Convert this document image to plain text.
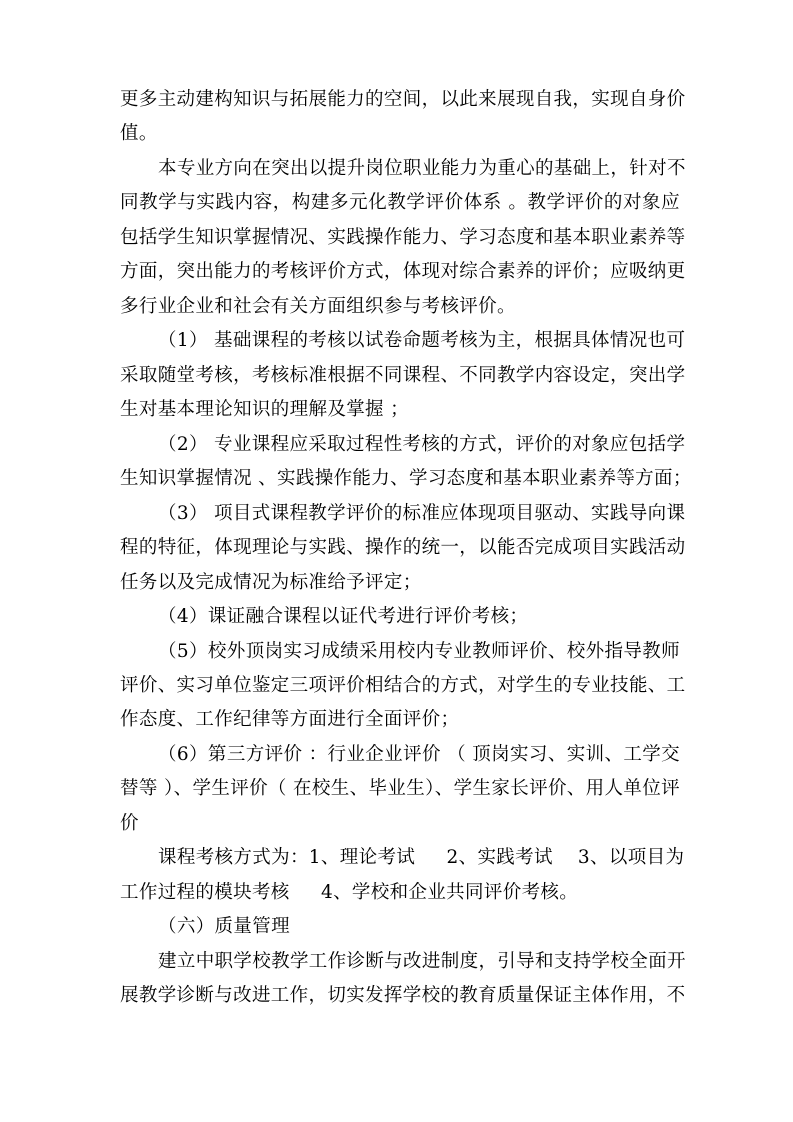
更多主动建构知识与拓展能力的空间，以此来展现自我，实现自身价
值。
本专业方向在突出以提升岗位职业能力为重心的基础上，针对不
同教学与实践内容，构建多元化教学评价体系 。教学评价的对象应
包括学生知识掌握情况、实践操作能力、学习态度和基本职业素养等
方面，突出能力的考核评价方式，体现对综合素养的评价；应吸纳更
多行业企业和社会有关方面组织参与考核评价。
（1） 基础课程的考核以试卷命题考核为主，根据具体情况也可
采取随堂考核，考核标准根据不同课程、不同教学内容设定，突出学
生对基本理论知识的理解及掌握 ；
（2） 专业课程应采取过程性考核的方式，评价的对象应包括学
生知识掌握情况 、实践操作能力、学习态度和基本职业素养等方面；
（3） 项目式课程教学评价的标准应体现项目驱动、实践导向课
程的特征，体现理论与实践、操作的统一，以能否完成项目实践活动
任务以及完成情况为标准给予评定；
（4）课证融合课程以证代考进行评价考核；
（5）校外顶岗实习成绩采用校内专业教师评价、校外指导教师
评价、实习单位鉴定三项评价相结合的方式，对学生的专业技能、工
作态度、工作纪律等方面进行全面评价；
（6）第三方评价 ：行业企业评价 （ 顶岗实习、实训、工学交
替等 ）、学生评价（ 在校生、毕业生）、学生家长评价、用人单位评
价
课程考核方式为：1、理论考试 　 2、实践考试 　3、以项目为
工作过程的模块考核 　 4、学校和企业共同评价考核。
（六）质量管理
建立中职学校教学工作诊断与改进制度，引导和支持学校全面开
展教学诊断与改进工作，切实发挥学校的教育质量保证主体作用，不
